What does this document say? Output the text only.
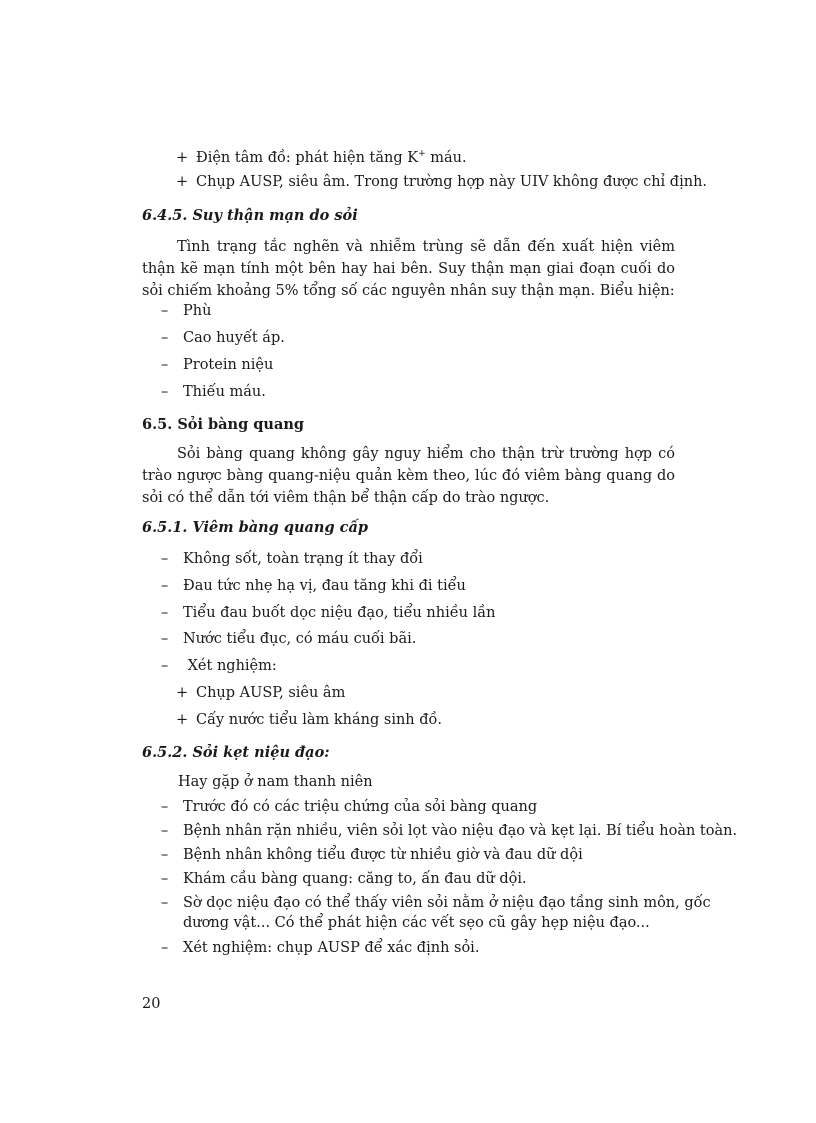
+ Điện tâm đồ: phát hiện tăng K+ máu.
+ Chụp AUSP, siêu âm. Trong trường hợp này UIV không được chỉ định.
6.4.5. Suy thận mạn do sỏi
Tình trạng tắc nghẽn và nhiễm trùng sẽ dẫn đến xuất hiện viêm thận kẽ mạn tính một bên hay hai bên. Suy thận mạn giai đoạn cuối do sỏi chiếm khoảng 5% tổng số các nguyên nhân suy thận mạn. Biểu hiện:
– Phù
– Cao huyết áp.
– Protein niệu
– Thiếu máu.
6.5. Sỏi bàng quang
Sỏi bàng quang không gây nguy hiểm cho thận trừ trường hợp có trào ngược bàng quang-niệu quản kèm theo, lúc đó viêm bàng quang do sỏi có thể dẫn tới viêm thận bể thận cấp do trào ngược.
6.5.1. Viêm bàng quang cấp
– Không sốt, toàn trạng ít thay đổi
– Đau tức nhẹ hạ vị, đau tăng khi đi tiểu
– Tiểu đau buốt dọc niệu đạo, tiểu nhiều lần
– Nước tiểu đục, có máu cuối bãi.
– Xét nghiệm:
+ Chụp AUSP, siêu âm
+ Cấy nước tiểu làm kháng sinh đồ.
6.5.2. Sỏi kẹt niệu đạo:
Hay gặp ở nam thanh niên
– Trước đó có các triệu chứng của sỏi bàng quang
– Bệnh nhân rặn nhiều, viên sỏi lọt vào niệu đạo và kẹt lại. Bí tiểu hoàn toàn.
– Bệnh nhân không tiểu được từ nhiều giờ và đau dữ dội
– Khám cầu bàng quang: căng to, ấn đau dữ dội.
– Sờ dọc niệu đạo có thể thấy viên sỏi nằm ở niệu đạo tầng sinh môn, gốc
dương vật... Có thể phát hiện các vết sẹo cũ gây hẹp niệu đạo...
– Xét nghiệm: chụp AUSP để xác định sỏi.
20
